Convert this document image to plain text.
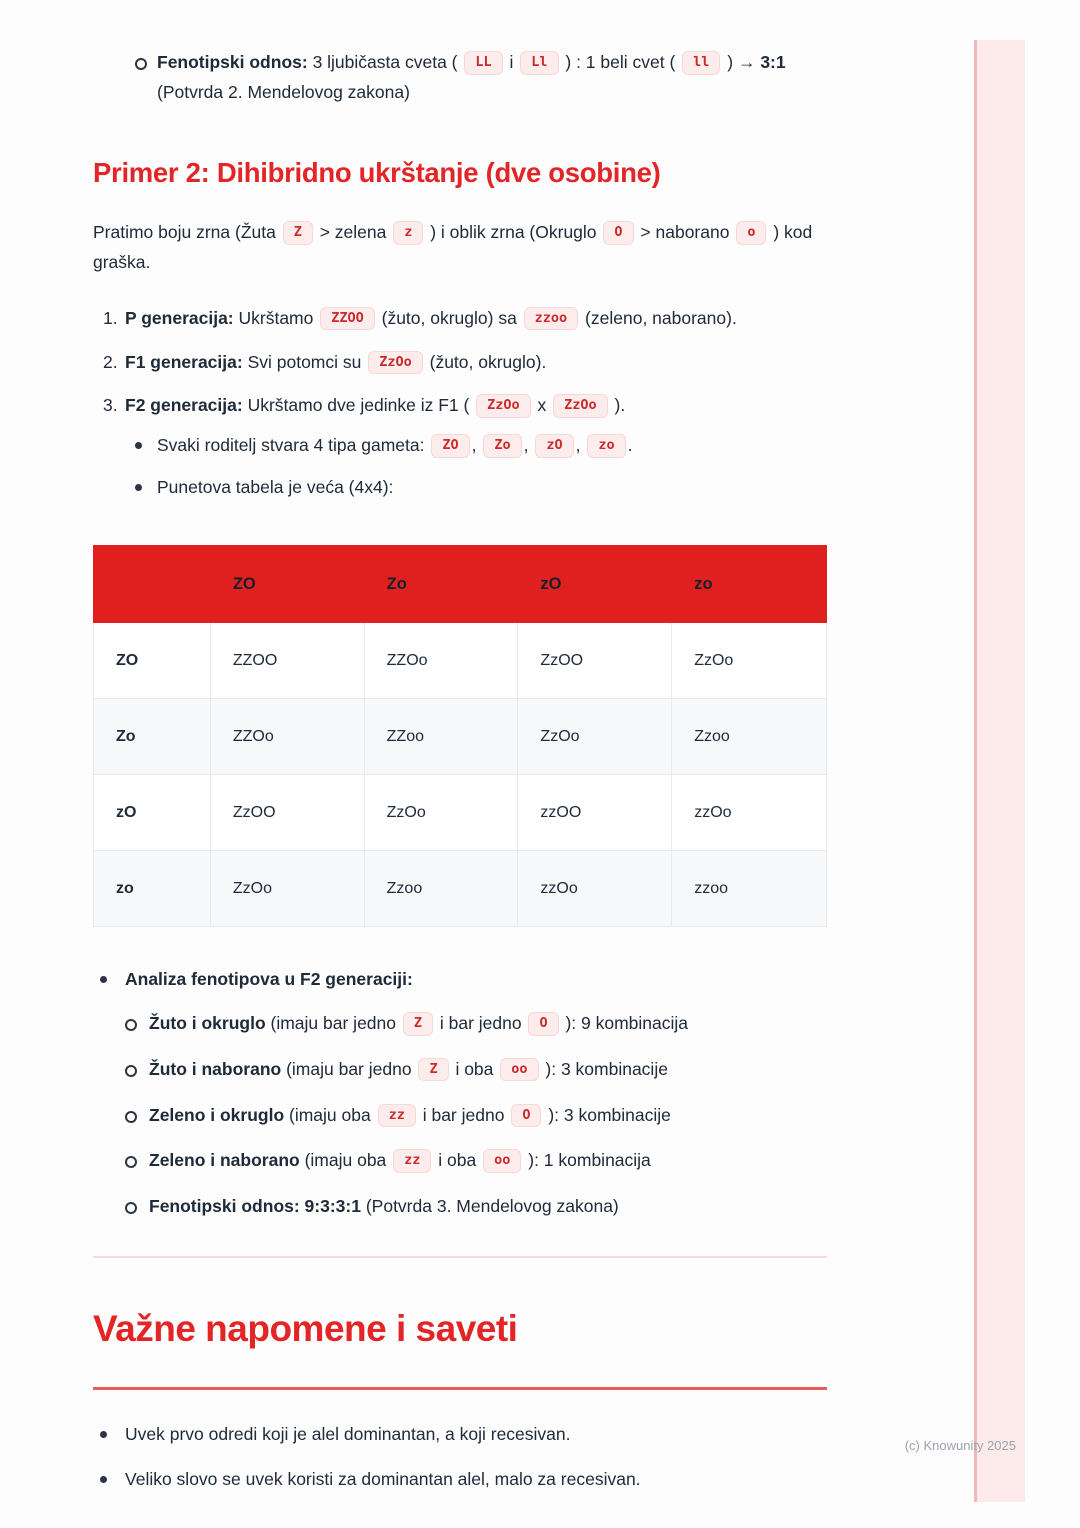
Fenotipski odnos: 3 ljubičasta cveta ( LL i Ll ) : 1 beli cvet ( ll ) → 3:1 (Potvrda 2. Mendelovog zakona)
Primer 2: Dihibridno ukrštanje (dve osobine)

Pratimo boju zrna (Žuta Z > zelena z ) i oblik zrna (Okruglo O > naborano o ) kod graška.

1. P generacija: Ukrštamo ZZOO (žuto, okruglo) sa zzoo (zeleno, naborano).
2. F1 generacija: Svi potomci su ZzOo (žuto, okruglo).
3. F2 generacija: Ukrštamo dve jedinke iz F1 ( ZzOo x ZzOo ).
Svaki roditelj stvara 4 tipa gameta: ZO , Zo , zO , zo .
Punetova tabela je veća (4x4):
	ZO	Zo	zO	zo
ZO	ZZOO	ZZOo	ZzOO	ZzOo
Zo	ZZOo	ZZoo	ZzOo	Zzoo
zO	ZzOO	ZzOo	zzOO	zzOo
zo	ZzOo	Zzoo	zzOo	zzoo
Analiza fenotipova u F2 generaciji:
Žuto i okruglo (imaju bar jedno Z i bar jedno O ): 9 kombinacija
Žuto i naborano (imaju bar jedno Z i oba oo ): 3 kombinacije
Zeleno i okruglo (imaju oba zz i bar jedno O ): 3 kombinacije
Zeleno i naborano (imaju oba zz i oba oo ): 1 kombinacija
Fenotipski odnos: 9:3:3:1 (Potvrda 3. Mendelovog zakona)
Važne napomene i saveti
Uvek prvo odredi koji je alel dominantan, a koji recesivan.
Veliko slovo se uvek koristi za dominantan alel, malo za recesivan.
(c) Knowunity 2025
